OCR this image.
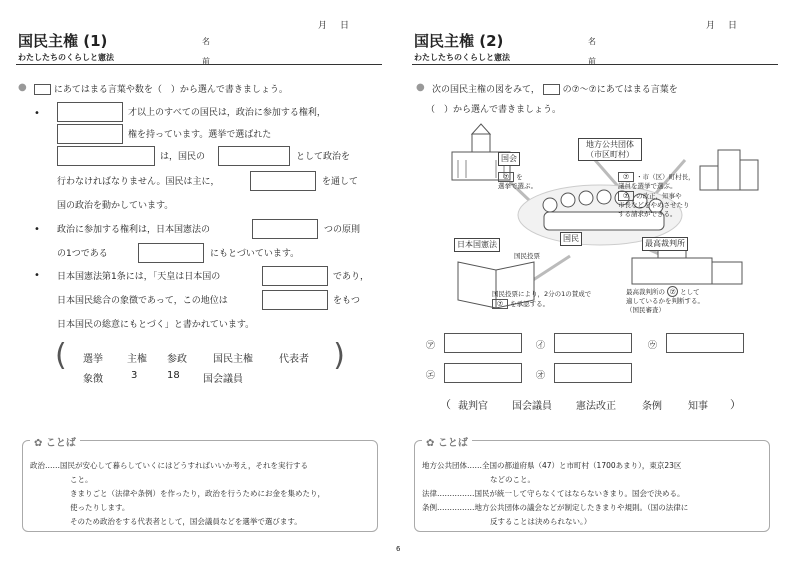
月　日
国民主権 (1)
わたしたちのくらしと憲法
名
前
●	にあてはまる言葉や数を（　）から選んで書きましょう。
•	才以上のすべての国民は，政治に参加する権利，
権を持っています。選挙で選ばれた
は，国民の	として政治を
行わなければなりません。国民は主に，	を通して
国の政治を動かしています。
• 政治に参加する権利は，日本国憲法の	つの原則
の1つである	にもとづいています。
• 日本国憲法第1条には，「天皇は日本国の	であり，
日本国民総合の象徴であって，この地位は	をもつ
日本国民の総意にもとづく」と書かれています。
(	)
選挙 主権 参政	国民主権	代表者
象徴	3	18 国会議員
✿ ことば
政治……国民が安心して暮らしていくにはどうすればいいか考え，それを実行する
こと。
きまりごと（法律や条例）を作ったり，政治を行うためにお金を集めたり，
使ったりします。
そのため政治をする代表者として，国会議員などを選挙で選びます。
月　日
国民主権 (2)
わたしたちのくらしと憲法
名
前
● 次の国民主権の図をみて，	の⑦～⑦にあてはまる言葉を
（　）から選んで書きましょう。
国会
地方公共団体
（市区町村）
日本国憲法
国民
最高裁判所
⑦ を
選挙で選ぶ。
⑦ ・市（区）町村長，
議員を選挙で選ぶ。
⑦ の改正，知事や
市長などをやめさせたり
する請求ができる。
国民投票
国民投票により，2分の1の賛成で
⑦ を承認する。
最高裁判所の ⑦ として
適しているかを判断する。
（国民審査）
㋐	㋑	㋒
㋓	㋔
（ 裁判官 国会議員 憲法改正	条例	知事 ）
✿ ことば
地方公共団体……全国の都道府県（47）と市町村（1700あまり），東京23区
などのこと。
法律……………国民が統一して守らなくてはならないきまり。国会で決める。
条例……………地方公共団体の議会などが制定したきまりや規則。（国の法律に
反することは決められない。）
6
